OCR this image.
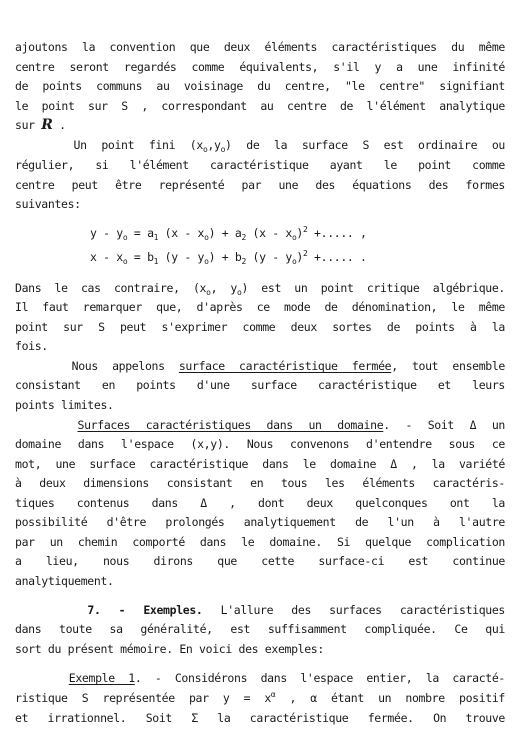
ajoutons la convention que deux éléments caractéristiques du même
centre seront regardés comme équivalents, s'il y a une infinité
de points communs au voisinage du centre, "le centre" signifiant
le point sur S , correspondant au centre de l'élément analytique
sur R .
Un point fini $(x_o,y_o)$ de la surface S est ordinaire ou
régulier, si l'élément caractéristique ayant le point comme
centre peut être représenté par une des équations des formes
suivantes:
$y - y_o = a_1$ $(x - x_o) + a_2$ $(x - x_o)^2$ +..... ,
$x - x_o = b_1$ $(y - y_o) + b_2$ $(y - y_o)^2$ +..... .
Dans le cas contraire, ($x_o$, $y_o$) est un point critique algébrique.
Il faut remarquer que, d'après ce mode de dénomination, le même
point sur S peut s'exprimer comme deux sortes de points à la
fois.
Nous appelons surface caractéristique fermée, tout ensemble
consistant en points d'une surface caractéristique et leurs
points limites.
Surfaces caractéristiques dans un domaine. - Soit Δ un
domaine dans l'espace (x,y). Nous convenons d'entendre sous ce
mot, une surface caractéristique dans le domaine Δ , la variété
à deux dimensions consistant en tous les éléments caractéris-
tiques contenus dans Δ , dont deux quelconques ont la
possibilité d'être prolongés analytiquement de l'un à l'autre
par un chemin comporté dans le domaine. Si quelque complication
a lieu, nous dirons que cette surface-ci est continue
analytiquement.
7. - Exemples. L'allure des surfaces caractéristiques
dans toute sa généralité, est suffisamment compliquée. Ce qui
sort du présent mémoire. En voici des exemples:
Exemple 1. - Considérons dans l'espace entier, la caracté-
ristique S représentée par $y = x^\alpha$ , α étant un nombre positif
et irrationnel. Soit Σ la caractéristique fermée. On trouve
